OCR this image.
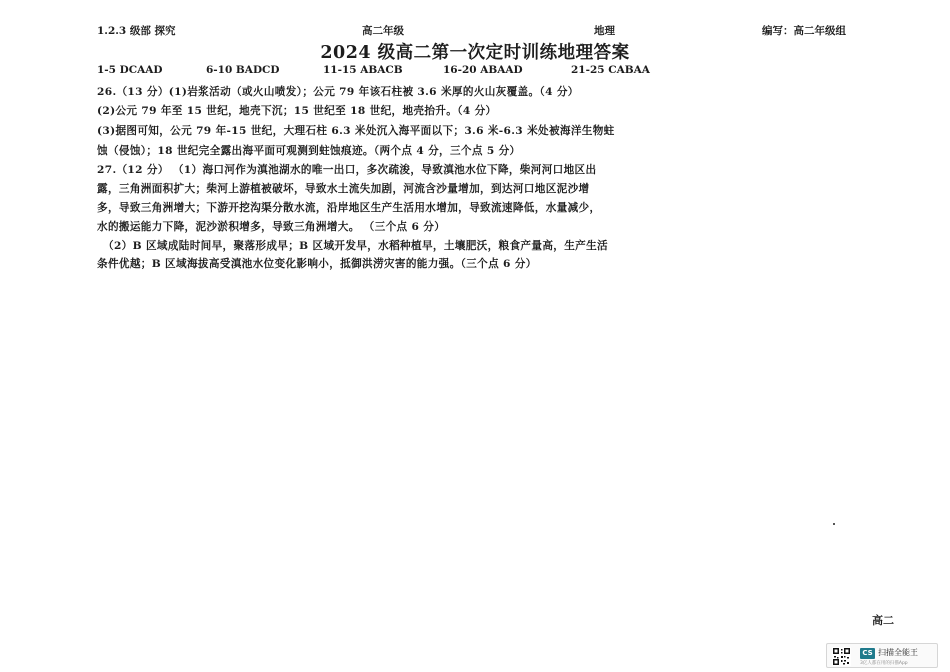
1.2.3 级部 探究	高二年级	地理	编写：高二年级组
2024 级高二第一次定时训练地理答案
1-5 DCAAD	6-10 BADCD	11-15 ABACB	16-20 ABAAD	21-25 CABAA
26.（13 分）(1)岩浆活动（或火山喷发）；公元 79 年该石柱被 3.6 米厚的火山灰覆盖。（4 分）
(2)公元 79 年至 15 世纪，地壳下沉；15 世纪至 18 世纪，地壳抬升。（4 分）
(3)据图可知，公元 79 年-15 世纪，大理石柱 6.3 米处沉入海平面以下；3.6 米-6.3 米处被海洋生物蛀
蚀（侵蚀）；18 世纪完全露出海平面可观测到蛀蚀痕迹。（两个点 4 分，三个点 5 分）
27.（12 分） （1）海口河作为滇池湖水的唯一出口，多次疏浚，导致滇池水位下降，柴河河口地区出
露，三角洲面积扩大；柴河上游植被破坏，导致水土流失加剧，河流含沙量增加，到达河口地区泥沙增
多，导致三角洲增大；下游开挖沟渠分散水流，沿岸地区生产生活用水增加，导致流速降低，水量减少，
水的搬运能力下降，泥沙淤积增多，导致三角洲增大。 （三个点 6 分）
（2）B 区域成陆时间早，聚落形成早；B 区域开发早，水稻种植早，土壤肥沃，粮食产量高，生产生活
条件优越；B 区域海拔高受滇池水位变化影响小，抵御洪涝灾害的能力强。（三个点 6 分）
高二
CS 扫描全能王
3亿人都在用的扫描App
